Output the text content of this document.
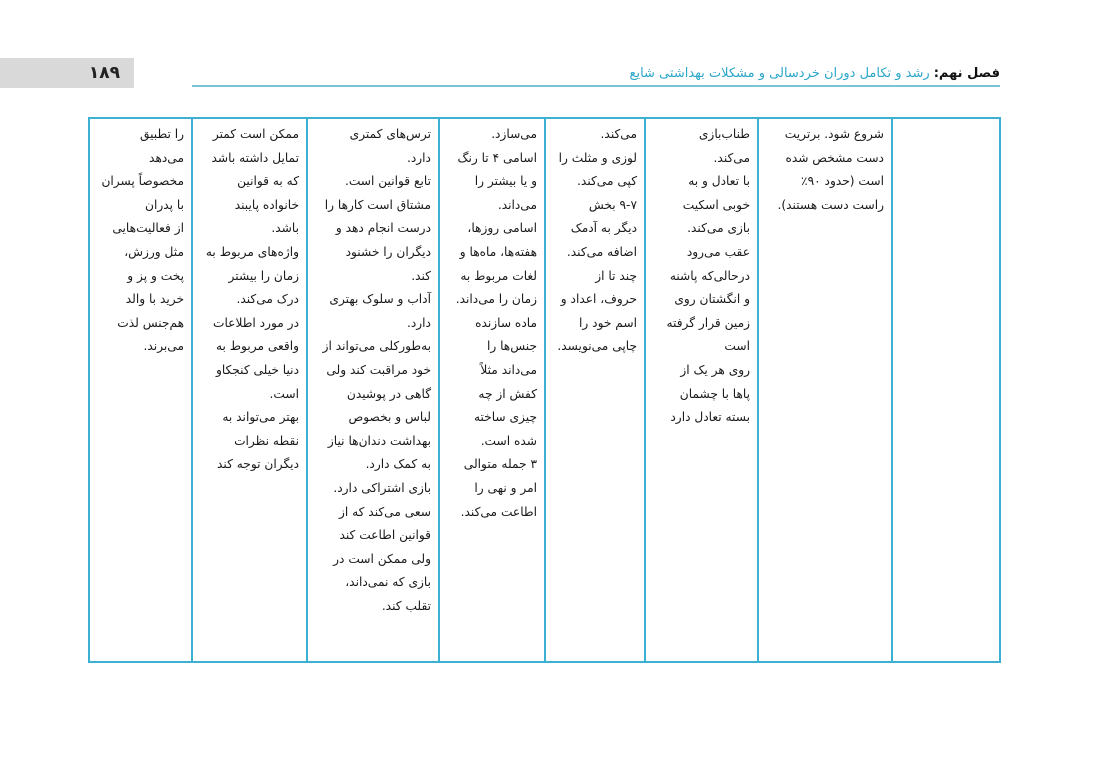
۱۸۹	فصل نهم:
رشد و تکامل دوران خردسالی و مشکلات بهداشتی شایع

شروع شود. برتریت
دست مشخص شده
است (حدود ۹۰٪
راست دست هستند).

طناب‌بازی
می‌کند.
با تعادل و به
خوبی اسکیت
بازی می‌کند.
عقب می‌رود
درحالی‌که پاشنه
و انگشتان روی
زمین قرار گرفته
است
روی هر یک از
پاها با چشمان
بسته تعادل دارد

می‌کند.
لوزی و مثلث را
کپی می‌کند.
۹-۷ بخش
دیگر به آدمک
اضافه می‌کند.
چند تا از
حروف، اعداد و
اسم خود را
چاپی می‌نویسد.

می‌سازد.
اسامی ۴ تا رنگ
و یا بیشتر را
می‌داند.
اسامی روزها،
هفته‌ها، ماه‌ها و
لغات مربوط به
زمان را می‌داند.
ماده سازنده
جنس‌ها را
می‌داند مثلاً
کفش از چه
چیزی ساخته
شده است.
۳ جمله متوالی
امر و نهی را
اطاعت می‌کند.

ترس‌های کمتری
دارد.
تابع قوانین است.
مشتاق است کارها را
درست انجام دهد و
دیگران را خشنود
کند.
آداب و سلوک بهتری
دارد.
به‌طورکلی می‌تواند از
خود مراقبت کند ولی
گاهی در پوشیدن
لباس و بخصوص
بهداشت دندان‌ها نیاز
به کمک دارد.
بازی اشتراکی دارد.
سعی می‌کند که از
قوانین اطاعت کند
ولی ممکن است در
بازی که نمی‌داند،
تقلب کند.

ممکن است کمتر
تمایل داشته باشد
که به قوانین
خانواده پایبند
باشد.
واژه‌های مربوط به
زمان را بیشتر
درک می‌کند.
در مورد اطلاعات
واقعی مربوط به
دنیا خیلی کنجکاو
است.
بهتر می‌تواند به
نقطه نظرات
دیگران توجه کند

را تطبیق
می‌دهد
مخصوصاً پسران
با پدران
از فعالیت‌هایی
مثل ورزش،
پخت و پز و
خرید با والد
هم‌جنس لذت
می‌برند.
